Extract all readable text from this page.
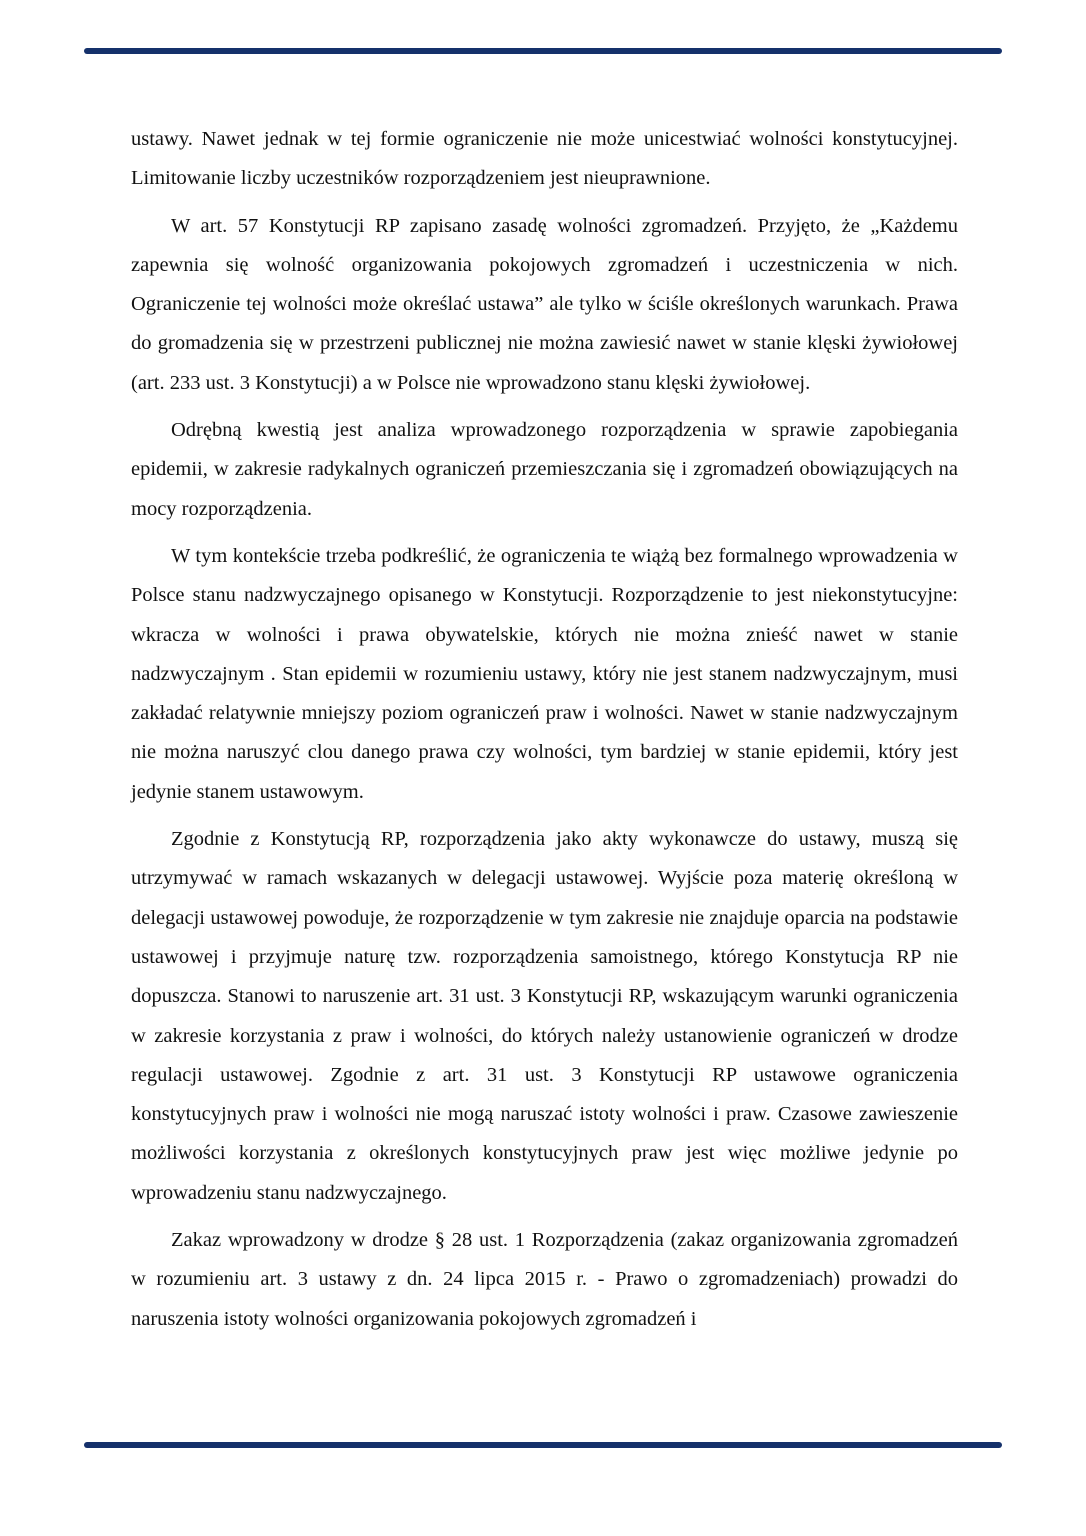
ustawy. Nawet jednak w tej formie ograniczenie nie może unicestwiać wolności konstytucyjnej. Limitowanie liczby uczestników rozporządzeniem jest nieuprawnione.

W art. 57 Konstytucji RP zapisano zasadę wolności zgromadzeń. Przyjęto, że „Każdemu zapewnia się wolność organizowania pokojowych zgromadzeń i uczestniczenia w nich. Ograniczenie tej wolności może określać ustawa” ale tylko w ściśle określonych warunkach. Prawa do gromadzenia się w przestrzeni publicznej nie można zawiesić nawet w stanie klęski żywiołowej (art. 233 ust. 3 Konstytucji) a w Polsce nie wprowadzono stanu klęski żywiołowej.

Odrębną kwestią jest analiza wprowadzonego rozporządzenia w sprawie zapobiegania epidemii, w zakresie radykalnych ograniczeń przemieszczania się i zgromadzeń obowiązujących na mocy rozporządzenia.

W tym kontekście trzeba podkreślić, że ograniczenia te wiążą bez formalnego wprowadzenia w Polsce stanu nadzwyczajnego opisanego w Konstytucji. Rozporządzenie to jest niekonstytucyjne: wkracza w wolności i prawa obywatelskie, których nie można znieść nawet w stanie nadzwyczajnym . Stan epidemii w rozumieniu ustawy, który nie jest stanem nadzwyczajnym, musi zakładać relatywnie mniejszy poziom ograniczeń praw i wolności. Nawet w stanie nadzwyczajnym nie można naruszyć clou danego prawa czy wolności, tym bardziej w stanie epidemii, który jest jedynie stanem ustawowym.

Zgodnie z Konstytucją RP, rozporządzenia jako akty wykonawcze do ustawy, muszą się utrzymywać w ramach wskazanych w delegacji ustawowej. Wyjście poza materię określoną w delegacji ustawowej powoduje, że rozporządzenie w tym zakresie nie znajduje oparcia na podstawie ustawowej i przyjmuje naturę tzw. rozporządzenia samoistnego, którego Konstytucja RP nie dopuszcza. Stanowi to naruszenie art. 31 ust. 3 Konstytucji RP, wskazującym warunki ograniczenia w zakresie korzystania z praw i wolności, do których należy ustanowienie ograniczeń w drodze regulacji ustawowej. Zgodnie z art. 31 ust. 3 Konstytucji RP ustawowe ograniczenia konstytucyjnych praw i wolności nie mogą naruszać istoty wolności i praw. Czasowe zawieszenie możliwości korzystania z określonych konstytucyjnych praw jest więc możliwe jedynie po wprowadzeniu stanu nadzwyczajnego.

Zakaz wprowadzony w drodze § 28 ust. 1 Rozporządzenia (zakaz organizowania zgromadzeń w rozumieniu art. 3 ustawy z dn. 24 lipca 2015 r. - Prawo o zgromadzeniach) prowadzi do naruszenia istoty wolności organizowania pokojowych zgromadzeń i
